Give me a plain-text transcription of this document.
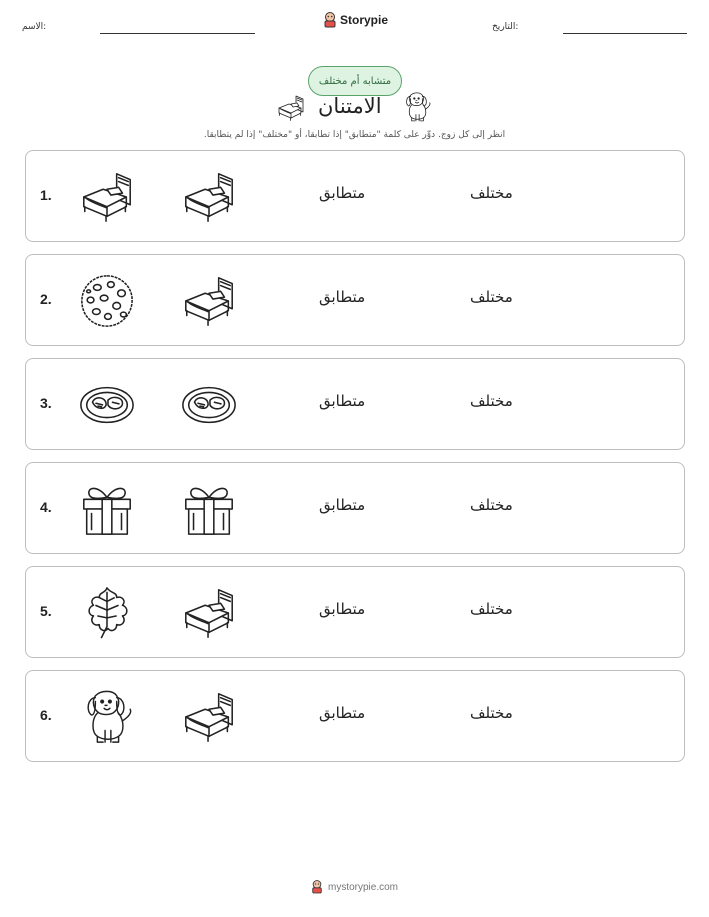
الاسم:	التاريخ:
Storypie
متشابه أم مختلف
الامتنان
انظر إلى كل زوج. دوِّر على كلمة "متطابق" إذا تطابقا، أو "مختلف" إذا لم يتطابقا.
1.	متطابق	مختلف
2.	متطابق	مختلف
3.	متطابق	مختلف
4.	متطابق	مختلف
5.	متطابق	مختلف
6.	متطابق	مختلف
mystorypie.com
